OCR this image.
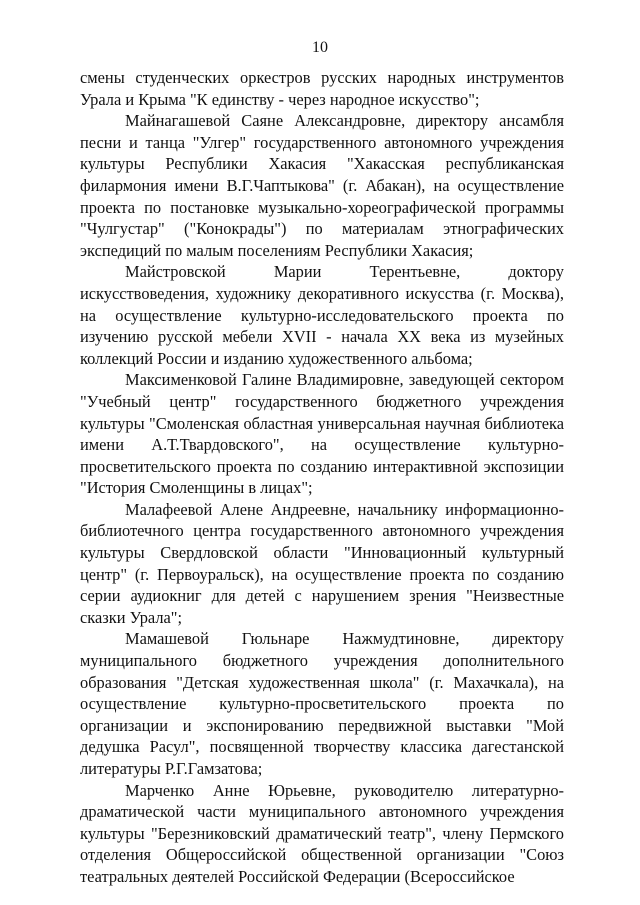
10

смены студенческих оркестров русских народных инструментов Урала и Крыма "К единству - через народное искусство";

Майнагашевой Саяне Александровне, директору ансамбля песни и танца "Улгер" государственного автономного учреждения культуры Республики Хакасия "Хакасская республиканская филармония имени В.Г.Чаптыкова" (г. Абакан), на осуществление проекта по постановке музыкально-хореографической программы "Чулгустар" ("Конокрады") по материалам этнографических экспедиций по малым поселениям Республики Хакасия;

Майстровской Марии Терентьевне, доктору искусствоведения, художнику декоративного искусства (г. Москва), на осуществление культурно-исследовательского проекта по изучению русской мебели XVII - начала XX века из музейных коллекций России и изданию художественного альбома;

Максименковой Галине Владимировне, заведующей сектором "Учебный центр" государственного бюджетного учреждения культуры "Смоленская областная универсальная научная библиотека имени А.Т.Твардовского", на осуществление культурно-просветительского проекта по созданию интерактивной экспозиции "История Смоленщины в лицах";

Малафеевой Алене Андреевне, начальнику информационно-библиотечного центра государственного автономного учреждения культуры Свердловской области "Инновационный культурный центр" (г. Первоуральск), на осуществление проекта по созданию серии аудиокниг для детей с нарушением зрения "Неизвестные сказки Урала";

Мамашевой Гюльнаре Нажмудтиновне, директору муниципального бюджетного учреждения дополнительного образования "Детская художественная школа" (г. Махачкала), на осуществление культурно-просветительского проекта по организации и экспонированию передвижной выставки "Мой дедушка Расул", посвященной творчеству классика дагестанской литературы Р.Г.Гамзатова;

Марченко Анне Юрьевне, руководителю литературно-драматической части муниципального автономного учреждения культуры "Березниковский драматический театр", члену Пермского отделения Общероссийской общественной организации "Союз театральных деятелей Российской Федерации (Всероссийское
